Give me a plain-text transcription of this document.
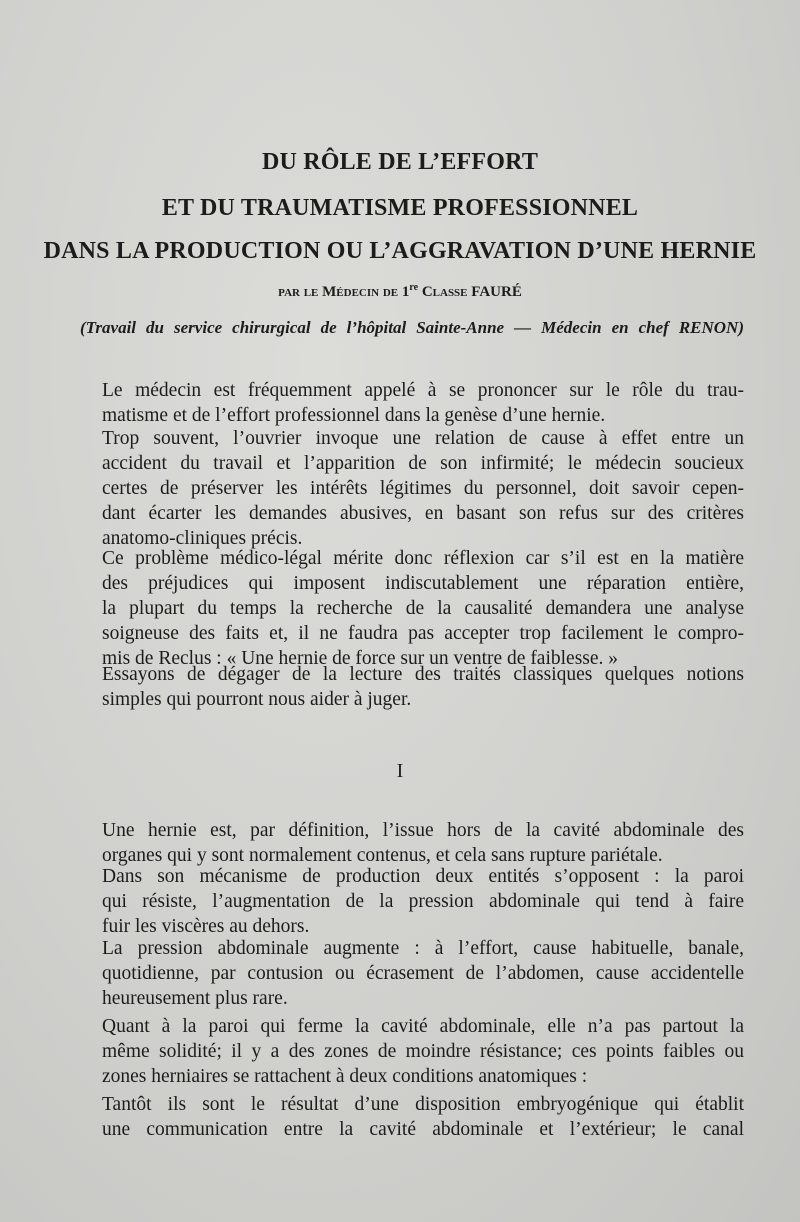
DU RÔLE DE L’EFFORT
ET DU TRAUMATISME PROFESSIONNEL
DANS LA PRODUCTION OU L’AGGRAVATION D’UNE HERNIE
par le Médecin de 1re Classe FAURÉ
(Travail du service chirurgical de l’hôpital Sainte-Anne — Médecin en chef RENON)

Le médecin est fréquemment appelé à se prononcer sur le rôle du trau-
matisme et de l’effort professionnel dans la genèse d’une hernie.

Trop souvent, l’ouvrier invoque une relation de cause à effet entre un
accident du travail et l’apparition de son infirmité; le médecin soucieux
certes de préserver les intérêts légitimes du personnel, doit savoir cepen-
dant écarter les demandes abusives, en basant son refus sur des critères
anatomo-cliniques précis.

Ce problème médico-légal mérite donc réflexion car s’il est en la matière
des préjudices qui imposent indiscutablement une réparation entière,
la plupart du temps la recherche de la causalité demandera une analyse
soigneuse des faits et, il ne faudra pas accepter trop facilement le compro-
mis de Reclus : « Une hernie de force sur un ventre de faiblesse. »

Essayons de dégager de la lecture des traités classiques quelques notions
simples qui pourront nous aider à juger.

I

Une hernie est, par définition, l’issue hors de la cavité abdominale des
organes qui y sont normalement contenus, et cela sans rupture pariétale.

Dans son mécanisme de production deux entités s’opposent : la paroi
qui résiste, l’augmentation de la pression abdominale qui tend à faire
fuir les viscères au dehors.

La pression abdominale augmente : à l’effort, cause habituelle, banale,
quotidienne, par contusion ou écrasement de l’abdomen, cause accidentelle
heureusement plus rare.

Quant à la paroi qui ferme la cavité abdominale, elle n’a pas partout la
même solidité; il y a des zones de moindre résistance; ces points faibles ou
zones herniaires se rattachent à deux conditions anatomiques :

Tantôt ils sont le résultat d’une disposition embryogénique qui établit
une communication entre la cavité abdominale et l’extérieur; le canal
